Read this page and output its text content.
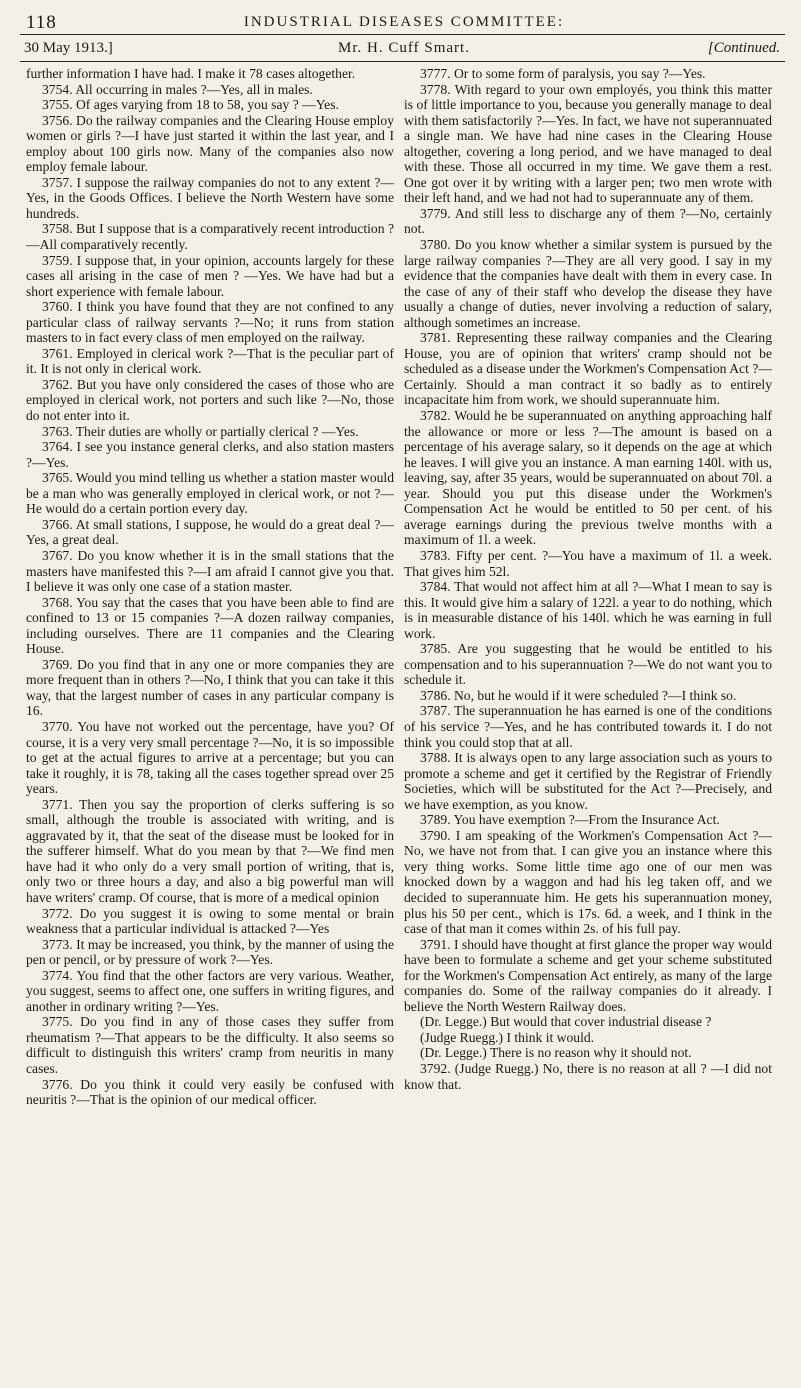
118	INDUSTRIAL DISEASES COMMITTEE:
30 May 1913.]	Mr. H. Cuff Smart.	[Continued.

further information I have had. I make it 78 cases altogether.

3754. All occurring in males ?—Yes, all in males.

3755. Of ages varying from 18 to 58, you say ? —Yes.

3756. Do the railway companies and the Clearing House employ women or girls ?—I have just started it within the last year, and I employ about 100 girls now. Many of the companies also now employ female labour.

3757. I suppose the railway companies do not to any extent ?—Yes, in the Goods Offices. I believe the North Western have some hundreds.

3758. But I suppose that is a comparatively recent introduction ?—All comparatively recently.

3759. I suppose that, in your opinion, accounts largely for these cases all arising in the case of men ? —Yes. We have had but a short experience with female labour.

3760. I think you have found that they are not confined to any particular class of railway servants ?—No; it runs from station masters to in fact every class of men employed on the railway.

3761. Employed in clerical work ?—That is the peculiar part of it. It is not only in clerical work.

3762. But you have only considered the cases of those who are employed in clerical work, not porters and such like ?—No, those do not enter into it.

3763. Their duties are wholly or partially clerical ? —Yes.

3764. I see you instance general clerks, and also station masters ?—Yes.

3765. Would you mind telling us whether a station master would be a man who was generally employed in clerical work, or not ?—He would do a certain portion every day.

3766. At small stations, I suppose, he would do a great deal ?—Yes, a great deal.

3767. Do you know whether it is in the small stations that the masters have manifested this ?—I am afraid I cannot give you that. I believe it was only one case of a station master.

3768. You say that the cases that you have been able to find are confined to 13 or 15 companies ?—A dozen railway companies, including ourselves. There are 11 companies and the Clearing House.

3769. Do you find that in any one or more companies they are more frequent than in others ?—No, I think that you can take it this way, that the largest number of cases in any particular company is 16.

3770. You have not worked out the percentage, have you? Of course, it is a very very small percentage ?—No, it is so impossible to get at the actual figures to arrive at a percentage; but you can take it roughly, it is 78, taking all the cases together spread over 25 years.

3771. Then you say the proportion of clerks suffering is so small, although the trouble is associated with writing, and is aggravated by it, that the seat of the disease must be looked for in the sufferer himself. What do you mean by that ?—We find men have had it who only do a very small portion of writing, that is, only two or three hours a day, and also a big powerful man will have writers' cramp. Of course, that is more of a medical opinion

3772. Do you suggest it is owing to some mental or brain weakness that a particular individual is attacked ?—Yes

3773. It may be increased, you think, by the manner of using the pen or pencil, or by pressure of work ?—Yes.

3774. You find that the other factors are very various. Weather, you suggest, seems to affect one, one suffers in writing figures, and another in ordinary writing ?—Yes.

3775. Do you find in any of those cases they suffer from rheumatism ?—That appears to be the difficulty. It also seems so difficult to distinguish this writers' cramp from neuritis in many cases.

3776. Do you think it could very easily be confused with neuritis ?—That is the opinion of our medical officer.

3777. Or to some form of paralysis, you say ?—Yes.

3778. With regard to your own employés, you think this matter is of little importance to you, because you generally manage to deal with them satisfactorily ?—Yes. In fact, we have not superannuated a single man. We have had nine cases in the Clearing House altogether, covering a long period, and we have managed to deal with these. Those all occurred in my time. We gave them a rest. One got over it by writing with a larger pen; two men wrote with their left hand, and we had not had to superannuate any of them.

3779. And still less to discharge any of them ?—No, certainly not.

3780. Do you know whether a similar system is pursued by the large railway companies ?—They are all very good. I say in my evidence that the companies have dealt with them in every case. In the case of any of their staff who develop the disease they have usually a change of duties, never involving a reduction of salary, although sometimes an increase.

3781. Representing these railway companies and the Clearing House, you are of opinion that writers' cramp should not be scheduled as a disease under the Workmen's Compensation Act ?—Certainly. Should a man contract it so badly as to entirely incapacitate him from work, we should superannuate him.

3782. Would he be superannuated on anything approaching half the allowance or more or less ?—The amount is based on a percentage of his average salary, so it depends on the age at which he leaves. I will give you an instance. A man earning 140l. with us, leaving, say, after 35 years, would be superannuated on about 70l. a year. Should you put this disease under the Workmen's Compensation Act he would be entitled to 50 per cent. of his average earnings during the previous twelve months with a maximum of 1l. a week.

3783. Fifty per cent. ?—You have a maximum of 1l. a week. That gives him 52l.

3784. That would not affect him at all ?—What I mean to say is this. It would give him a salary of 122l. a year to do nothing, which is in measurable distance of his 140l. which he was earning in full work.

3785. Are you suggesting that he would be entitled to his compensation and to his superannuation ?—We do not want you to schedule it.

3786. No, but he would if it were scheduled ?—I think so.

3787. The superannuation he has earned is one of the conditions of his service ?—Yes, and he has contributed towards it. I do not think you could stop that at all.

3788. It is always open to any large association such as yours to promote a scheme and get it certified by the Registrar of Friendly Societies, which will be substituted for the Act ?—Precisely, and we have exemption, as you know.

3789. You have exemption ?—From the Insurance Act.

3790. I am speaking of the Workmen's Compensation Act ?—No, we have not from that. I can give you an instance where this very thing works. Some little time ago one of our men was knocked down by a waggon and had his leg taken off, and we decided to superannuate him. He gets his superannuation money, plus his 50 per cent., which is 17s. 6d. a week, and I think in the case of that man it comes within 2s. of his full pay.

3791. I should have thought at first glance the proper way would have been to formulate a scheme and get your scheme substituted for the Workmen's Compensation Act entirely, as many of the large companies do. Some of the railway companies do it already. I believe the North Western Railway does.

(Dr. Legge.) But would that cover industrial disease ?

(Judge Ruegg.) I think it would.

(Dr. Legge.) There is no reason why it should not.

3792. (Judge Ruegg.) No, there is no reason at all ? —I did not know that.
